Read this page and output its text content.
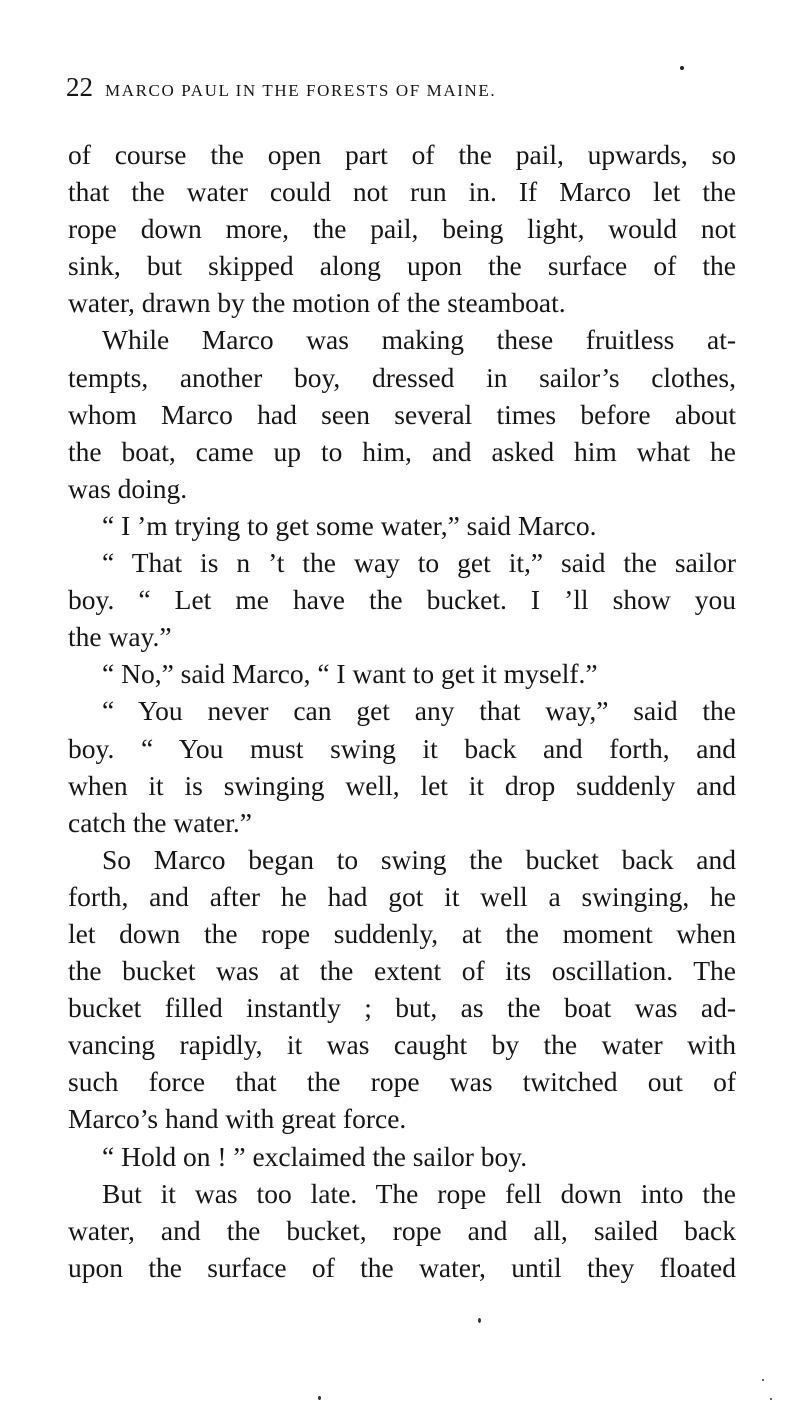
22 MARCO PAUL IN THE FORESTS OF MAINE.
of course the open part of the pail, upwards, so
that the water could not run in. If Marco let the
rope down more, the pail, being light, would not
sink, but skipped along upon the surface of the
water, drawn by the motion of the steamboat.
While Marco was making these fruitless at-
tempts, another boy, dressed in sailor’s clothes,
whom Marco had seen several times before about
the boat, came up to him, and asked him what he
was doing.
“ I ’m trying to get some water,” said Marco.
“ That is n ’t the way to get it,” said the sailor
boy. “ Let me have the bucket. I ’ll show you
the way.”
“ No,” said Marco, “ I want to get it myself.”
“ You never can get any that way,” said the
boy. “ You must swing it back and forth, and
when it is swinging well, let it drop suddenly and
catch the water.”
So Marco began to swing the bucket back and
forth, and after he had got it well a swinging, he
let down the rope suddenly, at the moment when
the bucket was at the extent of its oscillation. The
bucket filled instantly ; but, as the boat was ad-
vancing rapidly, it was caught by the water with
such force that the rope was twitched out of
Marco’s hand with great force.
“ Hold on ! ” exclaimed the sailor boy.
But it was too late. The rope fell down into the
water, and the bucket, rope and all, sailed back
upon the surface of the water, until they floated
